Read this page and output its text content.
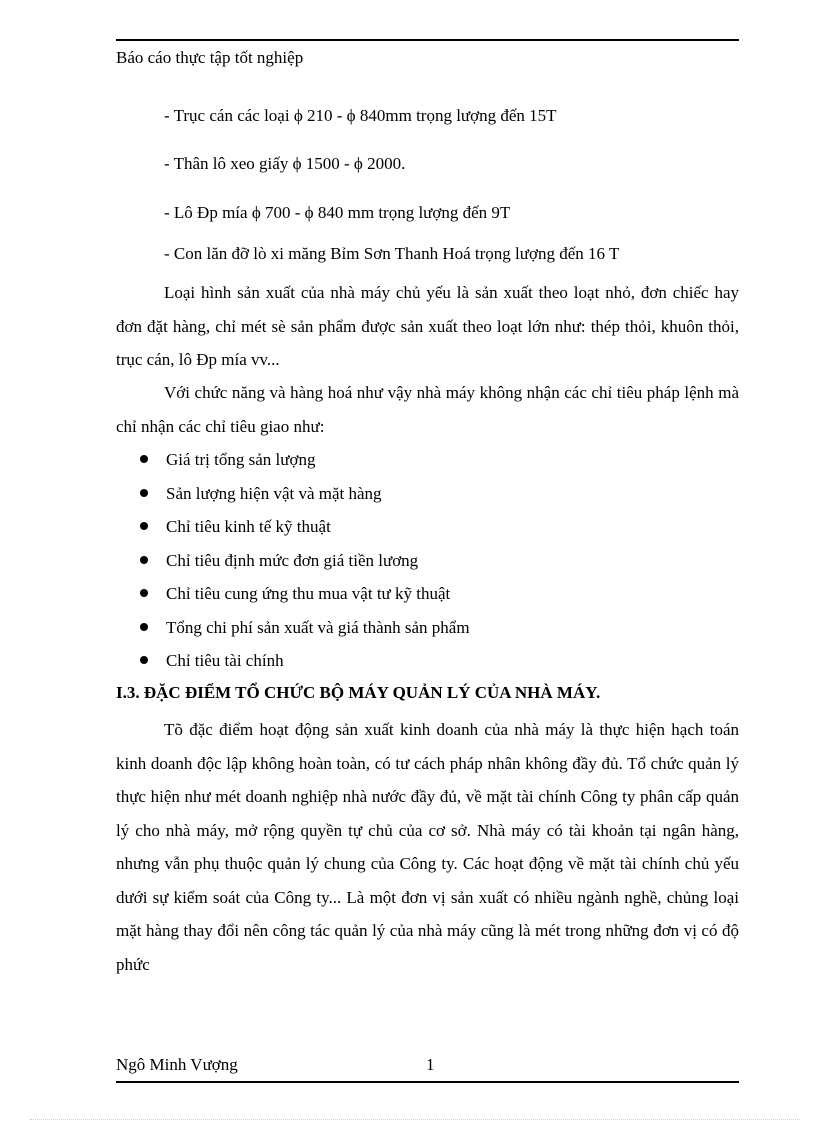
Báo cáo thực tập tốt nghiệp
- Trục cán các loại ϕ 210 - ϕ 840mm trọng lượng đến 15T
- Thân lô xeo giấy ϕ 1500 - ϕ 2000.
- Lô Ðp mía ϕ 700 - ϕ 840 mm trọng lượng đến 9T
- Con lăn đỡ lò xi măng Bỉm Sơn Thanh Hoá trọng lượng đến 16 T
Loại hình sản xuất của nhà máy chủ yếu là sản xuất theo loạt nhỏ, đơn chiếc hay đơn đặt hàng, chỉ mét sè sản phẩm được sản xuất theo loạt lớn như: thép thỏi, khuôn thỏi, trục cán, lô Ðp mía vv...
Với chức năng và hàng hoá như vậy nhà máy không nhận các chỉ tiêu pháp lệnh mà chỉ nhận các chỉ tiêu giao như:
Giá trị tổng sản lượng
Sản lượng hiện vật và mặt hàng
Chỉ tiêu kinh tế kỹ thuật
Chỉ tiêu định mức đơn giá tiền lương
Chỉ tiêu cung ứng thu mua vật tư kỹ thuật
Tổng chi phí sản xuất và giá thành sản phẩm
Chỉ tiêu tài chính
I.3. ĐẶC ĐIỂM TỔ CHỨC BỘ MÁY QUẢN LÝ CỦA NHÀ MÁY.
Tõ đặc điểm hoạt động sản xuất kinh doanh của nhà máy là thực hiện hạch toán kinh doanh độc lập không hoàn toàn, có tư cách pháp nhân không đầy đủ. Tổ chức quản lý thực hiện như mét doanh nghiệp nhà nước đầy đủ, về mặt tài chính Công ty phân cấp quản lý cho nhà máy, mở rộng quyền tự chủ của cơ sở. Nhà máy có tài khoản tại ngân hàng, nhưng vẫn phụ thuộc quản lý chung của Công ty. Các hoạt động về mặt tài chính chủ yếu dưới sự kiểm soát của Công ty... Là một đơn vị sản xuất có nhiều ngành nghề, chủng loại mặt hàng thay đổi nên công tác quản lý của nhà máy cũng là mét trong những đơn vị có độ phức
Ngô Minh Vượng	1
